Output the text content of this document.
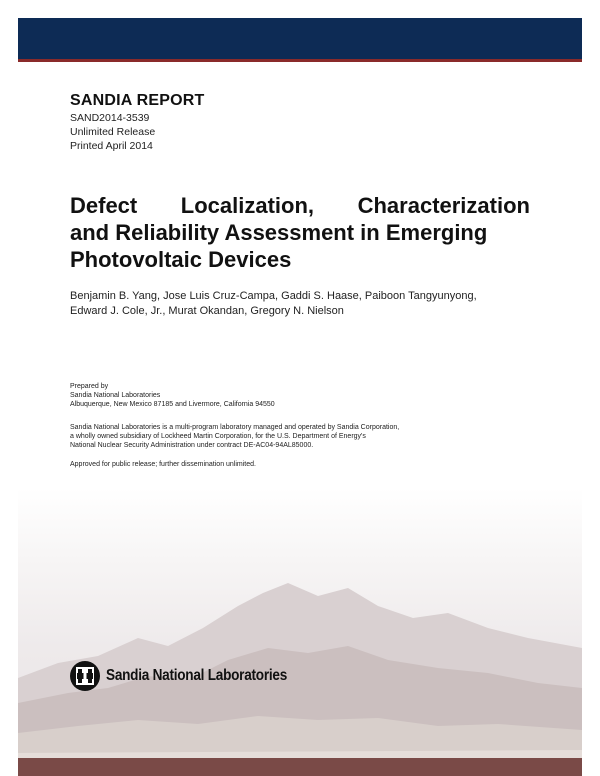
SANDIA REPORT
SAND2014-3539
Unlimited Release
Printed April 2014
Defect Localization, Characterization
and Reliability Assessment in Emerging
Photovoltaic Devices
Benjamin B. Yang, Jose Luis Cruz-Campa, Gaddi S. Haase, Paiboon Tangyunyong,
Edward J. Cole, Jr., Murat Okandan, Gregory N. Nielson
Prepared by
Sandia National Laboratories
Albuquerque, New Mexico 87185 and Livermore, California 94550
Sandia National Laboratories is a multi-program laboratory managed and operated by Sandia Corporation,
a wholly owned subsidiary of Lockheed Martin Corporation, for the U.S. Department of Energy's
National Nuclear Security Administration under contract DE-AC04-94AL85000.
Approved for public release; further dissemination unlimited.
Sandia National Laboratories
